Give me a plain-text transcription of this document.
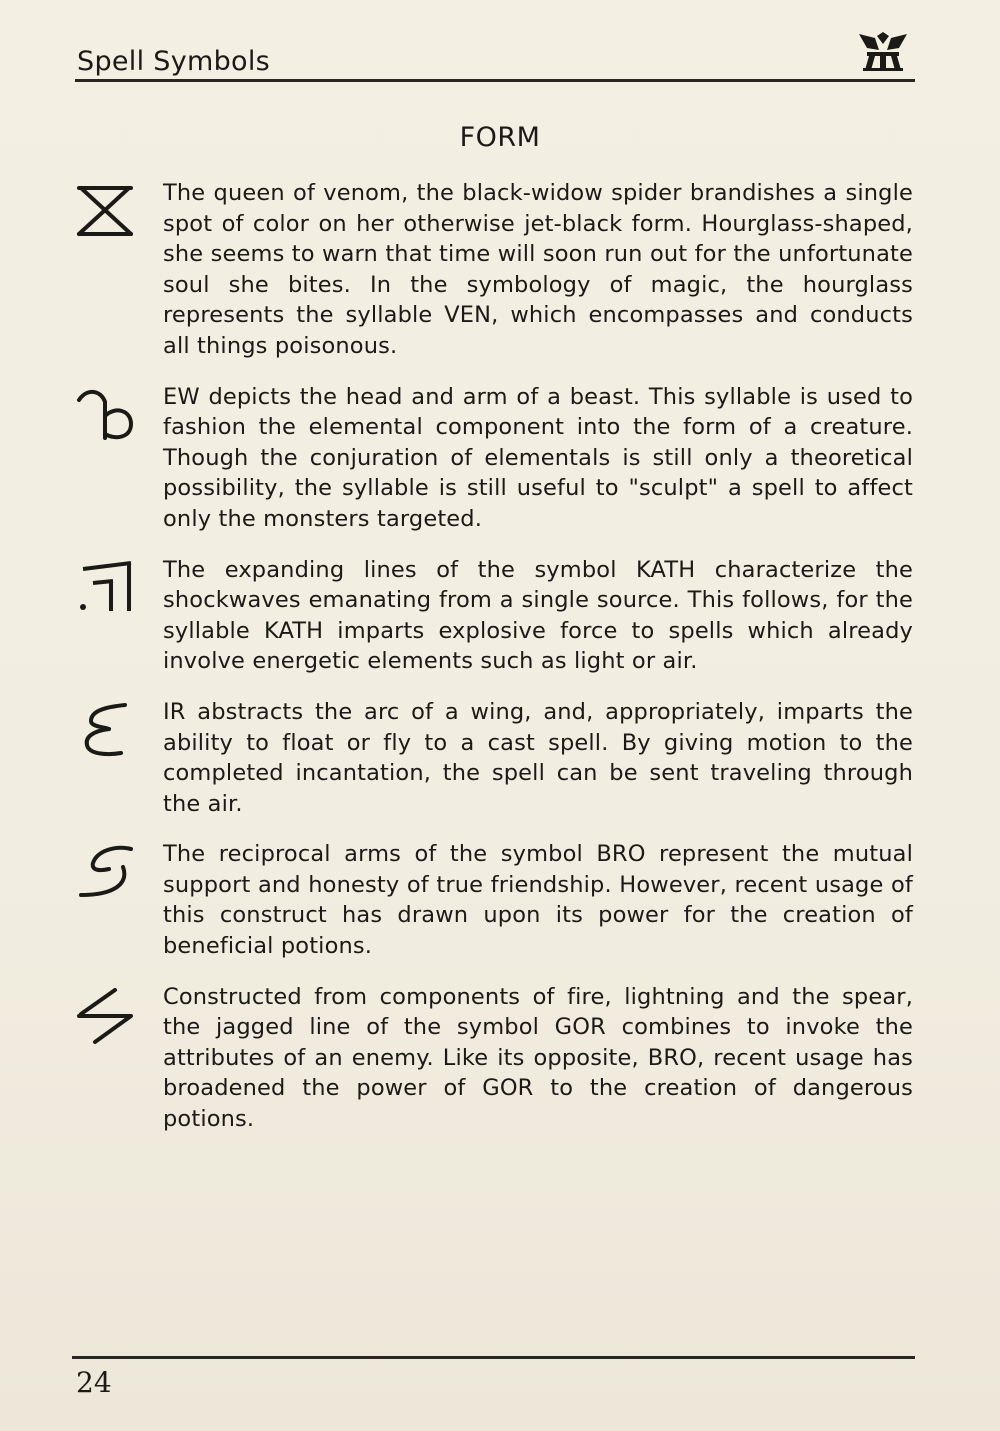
Spell Symbols
FORM
The queen of venom, the black-widow spider brandishes a single spot of color on her otherwise jet-black form. Hourglass-shaped, she seems to warn that time will soon run out for the unfortunate soul she bites. In the symbology of magic, the hourglass represents the syllable VEN, which encompasses and conducts all things poisonous.
EW depicts the head and arm of a beast. This syllable is used to fashion the elemental component into the form of a creature. Though the conjuration of elementals is still only a theoretical possibility, the syllable is still useful to "sculpt" a spell to affect only the monsters targeted.
The expanding lines of the symbol KATH characterize the shockwaves emanating from a single source. This follows, for the syllable KATH imparts explosive force to spells which already involve energetic elements such as light or air.
IR abstracts the arc of a wing, and, appropriately, imparts the ability to float or fly to a cast spell. By giving motion to the completed incantation, the spell can be sent traveling through the air.
The reciprocal arms of the symbol BRO represent the mutual support and honesty of true friendship. However, recent usage of this construct has drawn upon its power for the creation of beneficial potions.
Constructed from components of fire, lightning and the spear, the jagged line of the symbol GOR combines to invoke the attributes of an enemy. Like its opposite, BRO, recent usage has broadened the power of GOR to the creation of dangerous potions.
24
